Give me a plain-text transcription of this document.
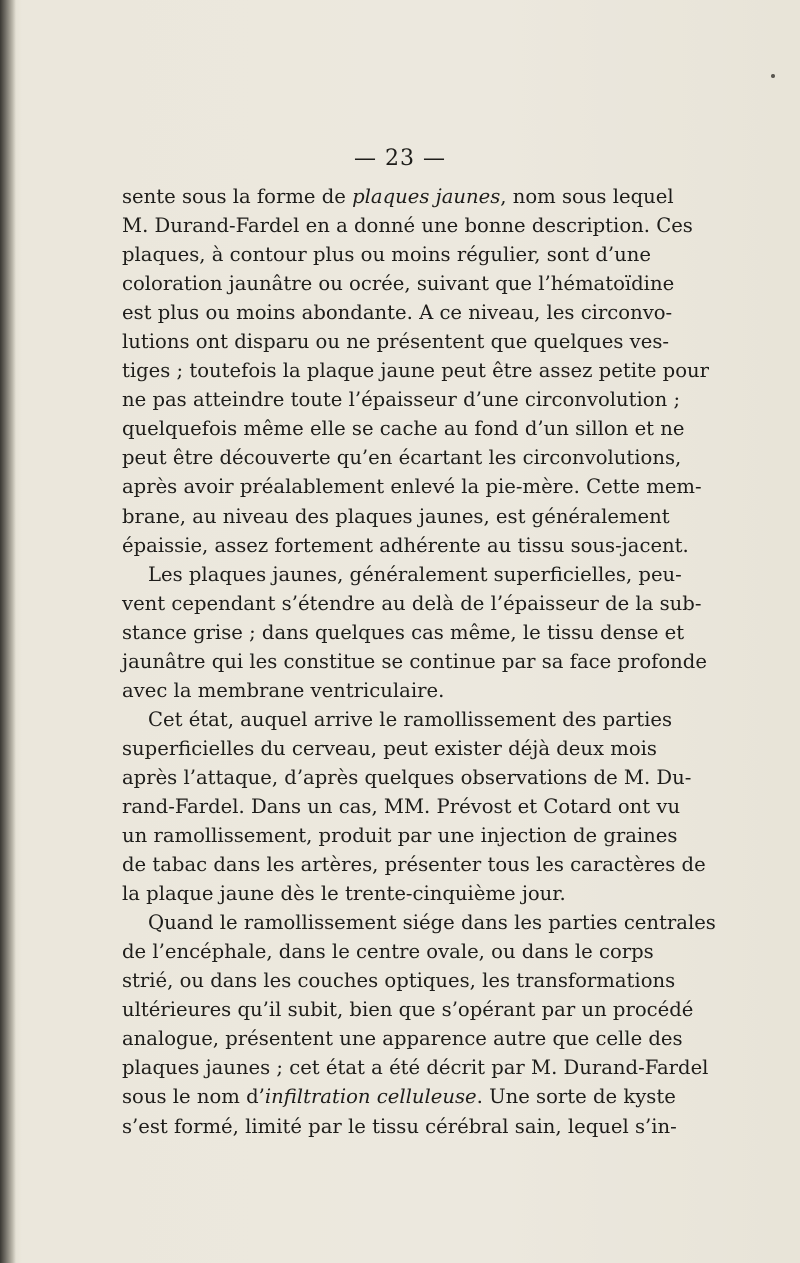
— 23 —
sente sous la forme de plaques jaunes, nom sous lequel
M. Durand-Fardel en a donné une bonne description. Ces
plaques, à contour plus ou moins régulier, sont d’une
coloration jaunâtre ou ocrée, suivant que l’hématoïdine
est plus ou moins abondante. A ce niveau, les circonvo-
lutions ont disparu ou ne présentent que quelques ves-
tiges ; toutefois la plaque jaune peut être assez petite pour
ne pas atteindre toute l’épaisseur d’une circonvolution ;
quelquefois même elle se cache au fond d’un sillon et ne
peut être découverte qu’en écartant les circonvolutions,
après avoir préalablement enlevé la pie-mère. Cette mem-
brane, au niveau des plaques jaunes, est généralement
épaissie, assez fortement adhérente au tissu sous-jacent.
Les plaques jaunes, généralement superficielles, peu-
vent cependant s’étendre au delà de l’épaisseur de la sub-
stance grise ; dans quelques cas même, le tissu dense et
jaunâtre qui les constitue se continue par sa face profonde
avec la membrane ventriculaire.
Cet état, auquel arrive le ramollissement des parties
superficielles du cerveau, peut exister déjà deux mois
après l’attaque, d’après quelques observations de M. Du-
rand-Fardel. Dans un cas, MM. Prévost et Cotard ont vu
un ramollissement, produit par une injection de graines
de tabac dans les artères, présenter tous les caractères de
la plaque jaune dès le trente-cinquième jour.
Quand le ramollissement siége dans les parties centrales
de l’encéphale, dans le centre ovale, ou dans le corps
strié, ou dans les couches optiques, les transformations
ultérieures qu’il subit, bien que s’opérant par un procédé
analogue, présentent une apparence autre que celle des
plaques jaunes ; cet état a été décrit par M. Durand-Fardel
sous le nom d’infiltration celluleuse. Une sorte de kyste
s’est formé, limité par le tissu cérébral sain, lequel s’in-
